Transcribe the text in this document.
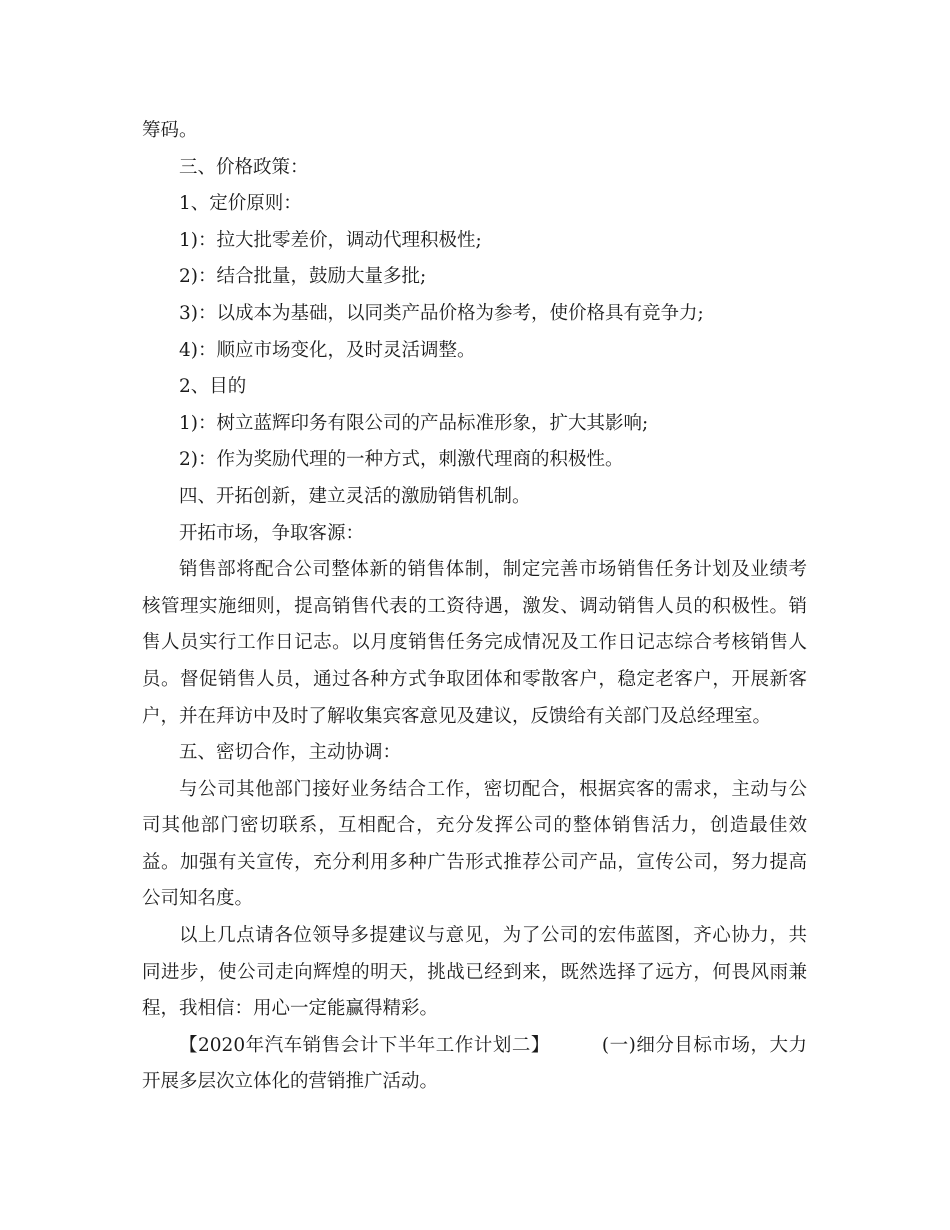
筹码。

三、价格政策：

1、定价原则：

1)：拉大批零差价，调动代理积极性;

2)：结合批量，鼓励大量多批;

3)：以成本为基础，以同类产品价格为参考，使价格具有竞争力;

4)：顺应市场变化，及时灵活调整。

2、目的

1)：树立蓝辉印务有限公司的产品标准形象，扩大其影响;

2)：作为奖励代理的一种方式，刺激代理商的积极性。

四、开拓创新，建立灵活的激励销售机制。

开拓市场，争取客源：

销售部将配合公司整体新的销售体制，制定完善市场销售任务计划及业绩考核管理实施细则，提高销售代表的工资待遇，激发、调动销售人员的积极性。销售人员实行工作日记志。以月度销售任务完成情况及工作日记志综合考核销售人员。督促销售人员，通过各种方式争取团体和零散客户，稳定老客户，开展新客户，并在拜访中及时了解收集宾客意见及建议，反馈给有关部门及总经理室。

五、密切合作，主动协调：

与公司其他部门接好业务结合工作，密切配合，根据宾客的需求，主动与公司其他部门密切联系，互相配合，充分发挥公司的整体销售活力，创造最佳效益。加强有关宣传，充分利用多种广告形式推荐公司产品，宣传公司，努力提高公司知名度。

以上几点请各位领导多提建议与意见，为了公司的宏伟蓝图，齐心协力，共同进步，使公司走向辉煌的明天，挑战已经到来，既然选择了远方，何畏风雨兼程，我相信：用心一定能赢得精彩。

【2020年汽车销售会计下半年工作计划二】	(一)细分目标市场，大力开展多层次立体化的营销推广活动。
